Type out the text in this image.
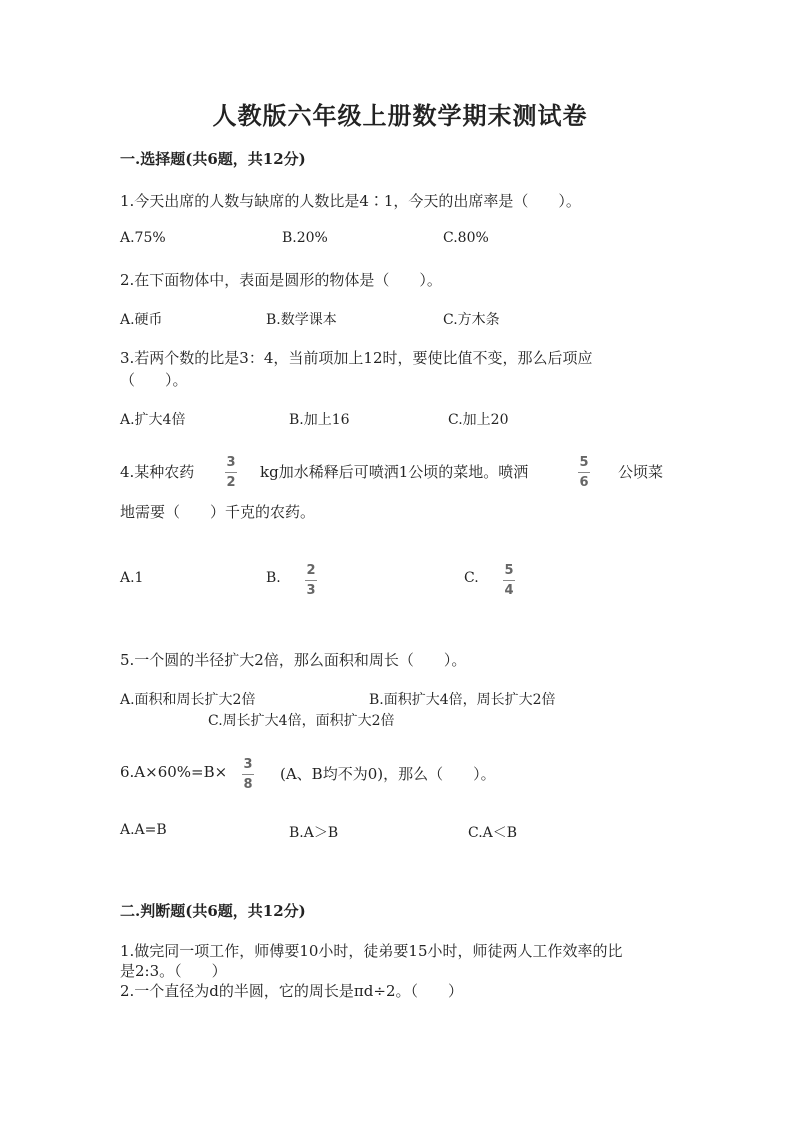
人教版六年级上册数学期末测试卷
一.选择题(共6题，共12分)
1.今天出席的人数与缺席的人数比是4∶1，今天的出席率是（　　）。
A.75%	B.20%	C.80%
2.在下面物体中，表面是圆形的物体是（　　）。
A.硬币	B.数学课本	C.方木条
3.若两个数的比是3：4，当前项加上12时，要使比值不变，那么后项应
（　　）。
A.扩大4倍	B.加上16	C.加上20
4.某种农药
3
2
kg加水稀释后可喷洒1公顷的菜地。喷洒
5
6
公顷菜
地需要（　　）千克的农药。
A.1	B. 2
3
C. 5
4
5.一个圆的半径扩大2倍，那么面积和周长（　　）。
A.面积和周长扩大2倍	B.面积扩大4倍，周长扩大2倍
C.周长扩大4倍，面积扩大2倍
6.A×60%=B× 3
8
(A、B均不为0)，那么（　　）。
A.A=B	B.A＞B	C.A＜B
二.判断题(共6题，共12分)
1.做完同一项工作，师傅要10小时，徒弟要15小时，师徒两人工作效率的比
是2:3。（　　）
2.一个直径为d的半圆，它的周长是πd÷2。（　　）
